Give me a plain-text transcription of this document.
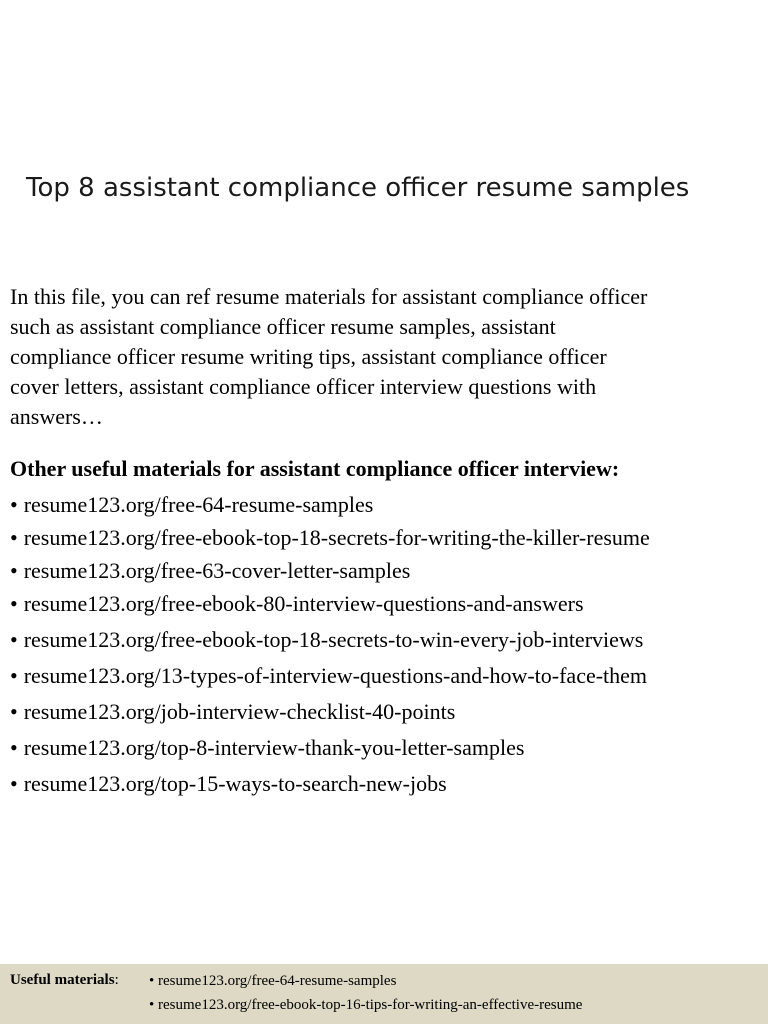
Top 8 assistant compliance officer resume samples
In this file, you can ref resume materials for assistant compliance officer
such as assistant compliance officer resume samples, assistant
compliance officer resume writing tips, assistant compliance officer
cover letters, assistant compliance officer interview questions with
answers…
Other useful materials for assistant compliance officer interview:
• resume123.org/free-64-resume-samples
• resume123.org/free-ebook-top-18-secrets-for-writing-the-killer-resume
• resume123.org/free-63-cover-letter-samples
• resume123.org/free-ebook-80-interview-questions-and-answers
• resume123.org/free-ebook-top-18-secrets-to-win-every-job-interviews
• resume123.org/13-types-of-interview-questions-and-how-to-face-them
• resume123.org/job-interview-checklist-40-points
• resume123.org/top-8-interview-thank-you-letter-samples
• resume123.org/top-15-ways-to-search-new-jobs
Useful materials: • resume123.org/free-64-resume-samples
• resume123.org/free-ebook-top-16-tips-for-writing-an-effective-resume
